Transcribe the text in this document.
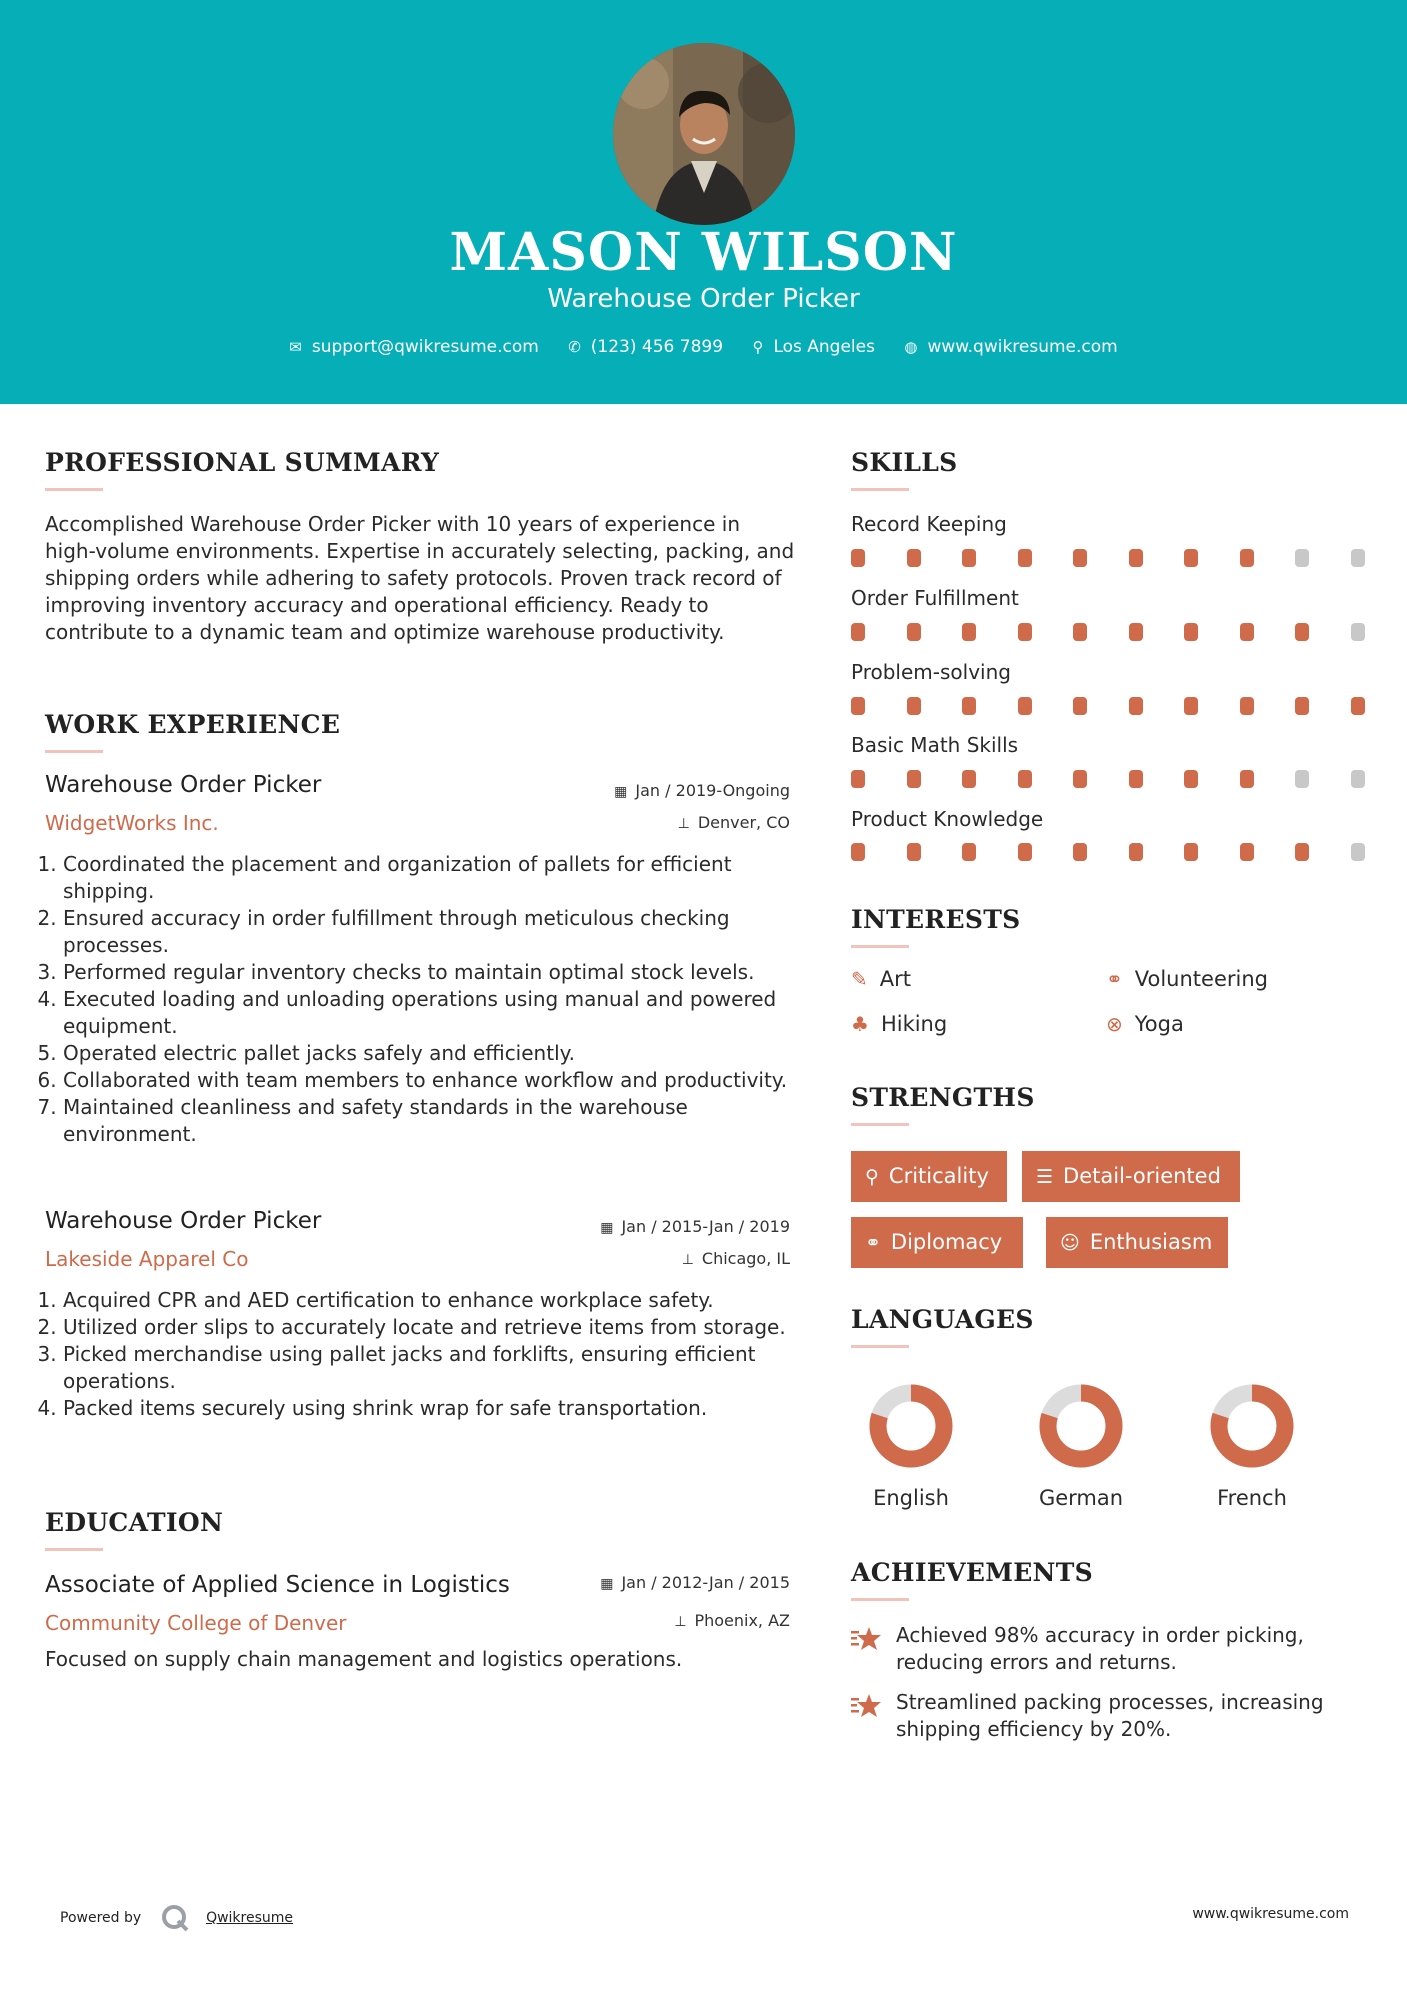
MASON WILSON
Warehouse Order Picker
✉ support@qwikresume.com ✆ (123) 456 7899 ⚲ Los Angeles ◍ www.qwikresume.com
PROFESSIONAL SUMMARY
Accomplished Warehouse Order Picker with 10 years of experience in high-volume environments. Expertise in accurately selecting, packing, and shipping orders while adhering to safety protocols. Proven track record of improving inventory accuracy and operational efficiency. Ready to contribute to a dynamic team and optimize warehouse productivity.
WORK EXPERIENCE
Warehouse Order Picker	▦ Jan / 2019-Ongoing
WidgetWorks Inc.	⊥ Denver, CO
1. Coordinated the placement and organization of pallets for efficient shipping.
2. Ensured accuracy in order fulfillment through meticulous checking processes.
3. Performed regular inventory checks to maintain optimal stock levels.
4. Executed loading and unloading operations using manual and powered equipment.
5. Operated electric pallet jacks safely and efficiently.
6. Collaborated with team members to enhance workflow and productivity.
7. Maintained cleanliness and safety standards in the warehouse environment.
Warehouse Order Picker	▦ Jan / 2015-Jan / 2019
Lakeside Apparel Co	⊥ Chicago, IL
1. Acquired CPR and AED certification to enhance workplace safety.
2. Utilized order slips to accurately locate and retrieve items from storage.
3. Picked merchandise using pallet jacks and forklifts, ensuring efficient operations.
4. Packed items securely using shrink wrap for safe transportation.
EDUCATION
Associate of Applied Science in Logistics	▦ Jan / 2012-Jan / 2015
Community College of Denver	⊥ Phoenix, AZ
Focused on supply chain management and logistics operations.
SKILLS
Record Keeping
Order Fulfillment
Problem-solving
Basic Math Skills
Product Knowledge
INTERESTS
✎ Art	⚭ Volunteering
♣ Hiking	⊗ Yoga
STRENGTHS
⚲ Criticality	☰ Detail-oriented
⚭ Diplomacy	☺ Enthusiasm
LANGUAGES
English	German	French
ACHIEVEMENTS
Achieved 98% accuracy in order picking, reducing errors and returns.
Streamlined packing processes, increasing shipping efficiency by 20%.
Powered by	Qwikresume	www.qwikresume.com
